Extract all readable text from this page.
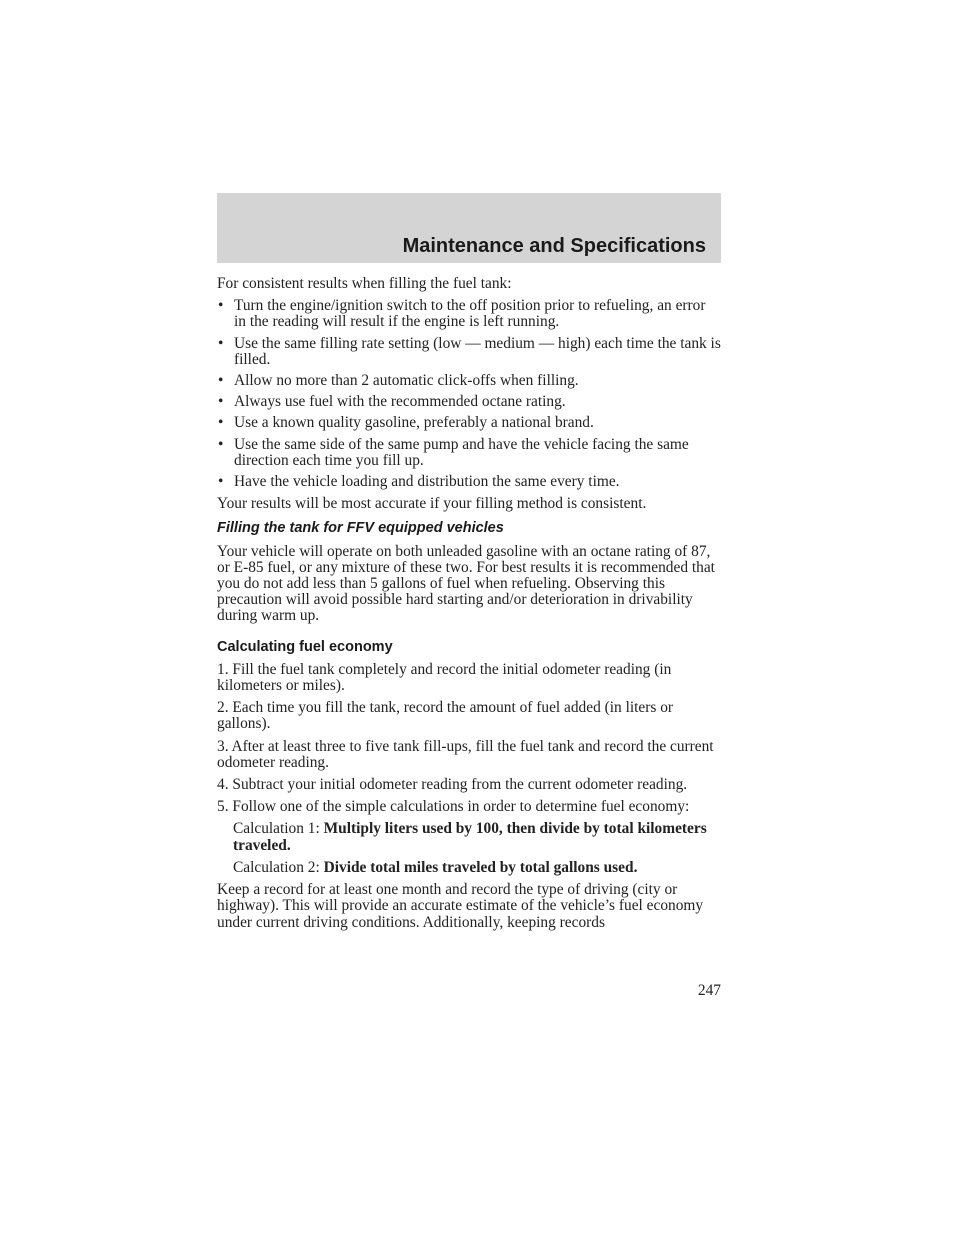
Maintenance and Specifications

For consistent results when filling the fuel tank:

• Turn the engine/ignition switch to the off position prior to refueling, an error in the reading will result if the engine is left running.
• Use the same filling rate setting (low — medium — high) each time the tank is filled.
• Allow no more than 2 automatic click-offs when filling.
• Always use fuel with the recommended octane rating.
• Use a known quality gasoline, preferably a national brand.
• Use the same side of the same pump and have the vehicle facing the same direction each time you fill up.
• Have the vehicle loading and distribution the same every time.

Your results will be most accurate if your filling method is consistent.

Filling the tank for FFV equipped vehicles

Your vehicle will operate on both unleaded gasoline with an octane rating of 87, or E-85 fuel, or any mixture of these two. For best results it is recommended that you do not add less than 5 gallons of fuel when refueling. Observing this precaution will avoid possible hard starting and/or deterioration in drivability during warm up.

Calculating fuel economy

1. Fill the fuel tank completely and record the initial odometer reading (in kilometers or miles).

2. Each time you fill the tank, record the amount of fuel added (in liters or gallons).

3. After at least three to five tank fill-ups, fill the fuel tank and record the current odometer reading.

4. Subtract your initial odometer reading from the current odometer reading.

5. Follow one of the simple calculations in order to determine fuel economy:

Calculation 1: Multiply liters used by 100, then divide by total kilometers traveled.
Calculation 2: Divide total miles traveled by total gallons used.

Keep a record for at least one month and record the type of driving (city or highway). This will provide an accurate estimate of the vehicle’s fuel economy under current driving conditions. Additionally, keeping records

247
